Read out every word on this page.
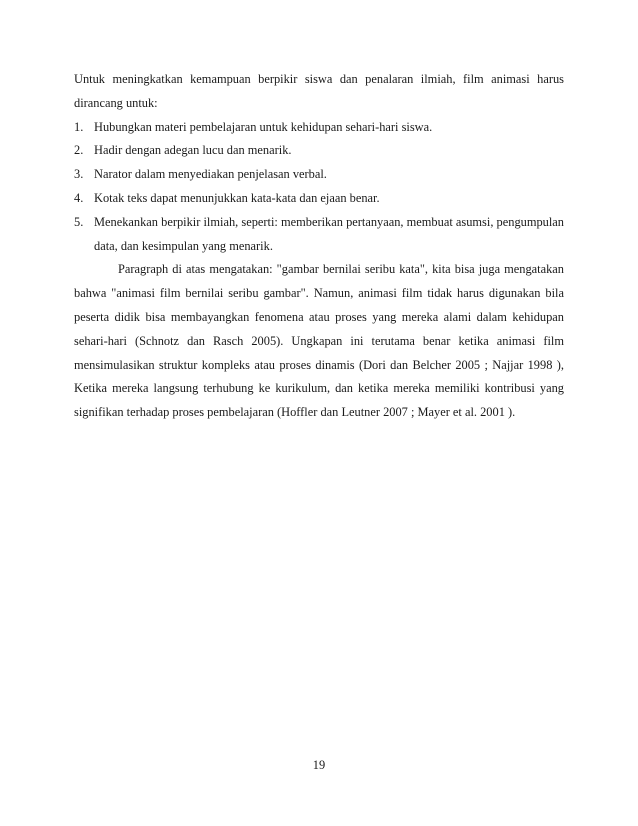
Untuk meningkatkan kemampuan berpikir siswa dan penalaran ilmiah, film animasi harus
dirancang untuk:
1. Hubungkan materi pembelajaran untuk kehidupan sehari-hari siswa.
2. Hadir dengan adegan lucu dan menarik.
3. Narator dalam menyediakan penjelasan verbal.
4. Kotak teks dapat menunjukkan kata-kata dan ejaan benar.
5. Menekankan berpikir ilmiah, seperti: memberikan pertanyaan, membuat asumsi, pengumpulan
data, dan kesimpulan yang menarik.
Paragraph di atas mengatakan: "gambar bernilai seribu kata", kita bisa juga mengatakan
bahwa "animasi film bernilai seribu gambar". Namun, animasi film tidak harus digunakan bila
peserta didik bisa membayangkan fenomena atau proses yang mereka alami dalam kehidupan
sehari-hari (Schnotz dan Rasch 2005). Ungkapan ini terutama benar ketika animasi film
mensimulasikan struktur kompleks atau proses dinamis (Dori dan Belcher 2005 ; Najjar 1998 ),
Ketika mereka langsung terhubung ke kurikulum, dan ketika mereka memiliki kontribusi yang
signifikan terhadap proses pembelajaran (Hoffler dan Leutner 2007 ; Mayer et al. 2001 ).
19
